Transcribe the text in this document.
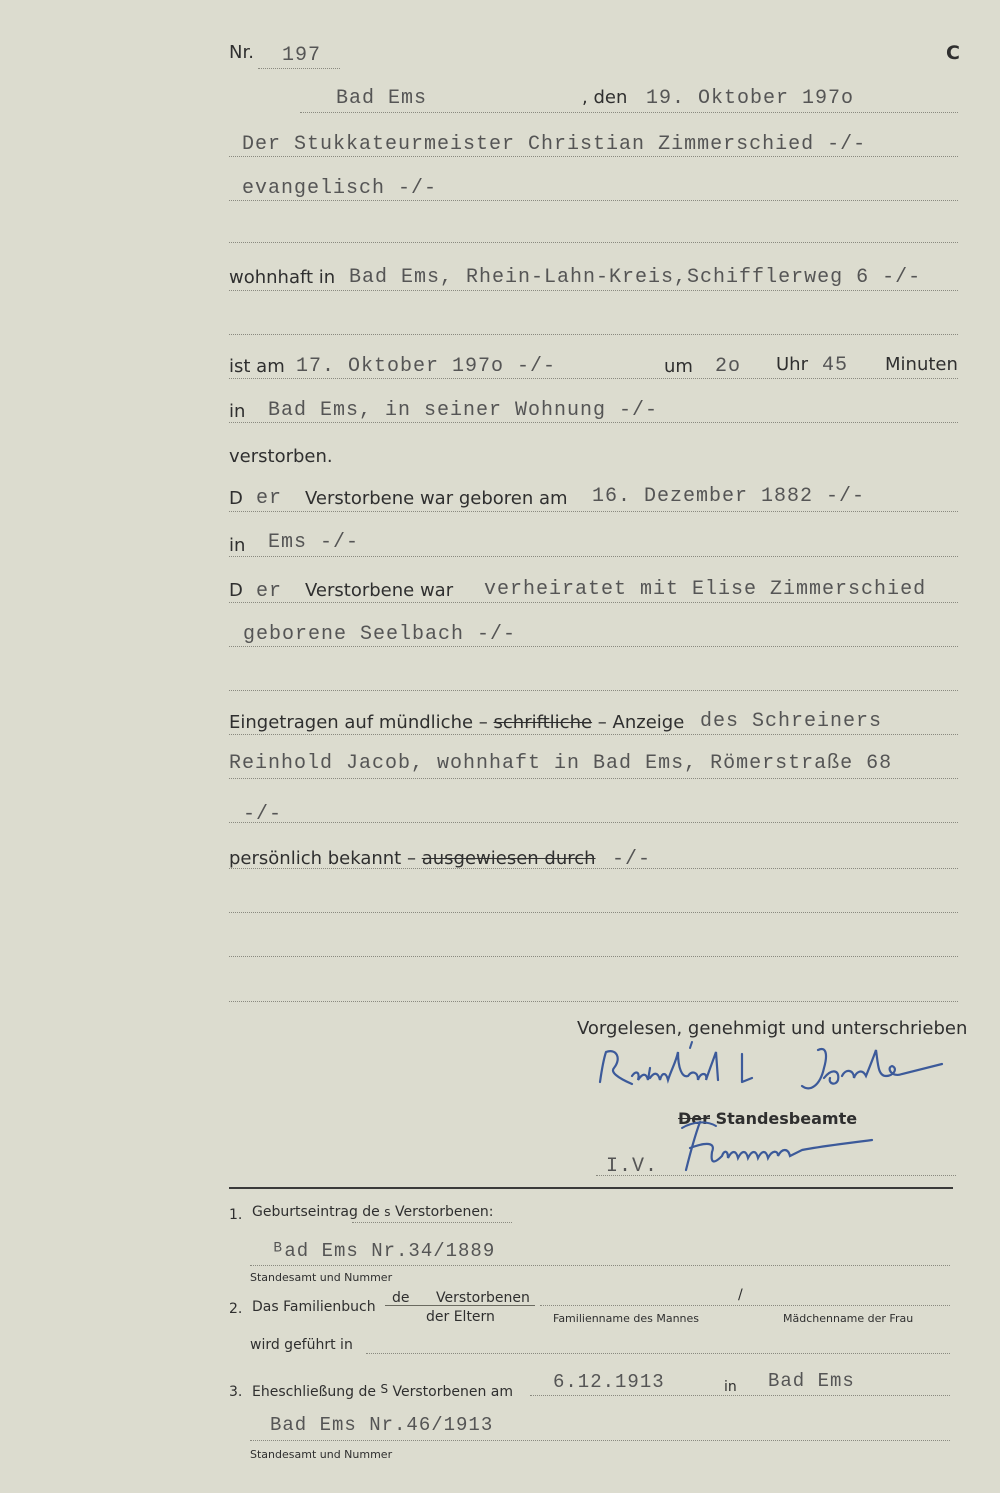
Nr. 197	C
Bad Ems	, den 19. Oktober 197o
Der Stukkateurmeister Christian Zimmerschied -/-
evangelisch -/-
wohnhaft in Bad Ems, Rhein-Lahn-Kreis,Schifflerweg 6 -/-
ist am 17. Oktober 197o -/-	um 2o Uhr 45 Minuten
in Bad Ems, in seiner Wohnung -/-
verstorben.
D er Verstorbene war geboren am 16. Dezember 1882 -/-
in Ems -/-
D er Verstorbene war verheiratet mit Elise Zimmerschied
geborene Seelbach -/-
Eingetragen auf mündliche – schriftliche – Anzeige des Schreiners
Reinhold Jacob, wohnhaft in Bad Ems, Römerstraße 68
-/-
persönlich bekannt – ausgewiesen durch -/-
Vorgelesen, genehmigt und unterschrieben
Der Standesbeamte
I.V.
1. Geburtseintrag de s Verstorbenen:
ᴮad Ems Nr.34/1889
Standesamt und Nummer
2. Das Familienbuch
de Verstorbenen
der Eltern
/
Familienname des Mannes	Mädchenname der Frau
wird geführt in
3. Eheschließung de S Verstorbenen am 6.12.1913	in Bad Ems
Bad Ems Nr.46/1913
Standesamt und Nummer
